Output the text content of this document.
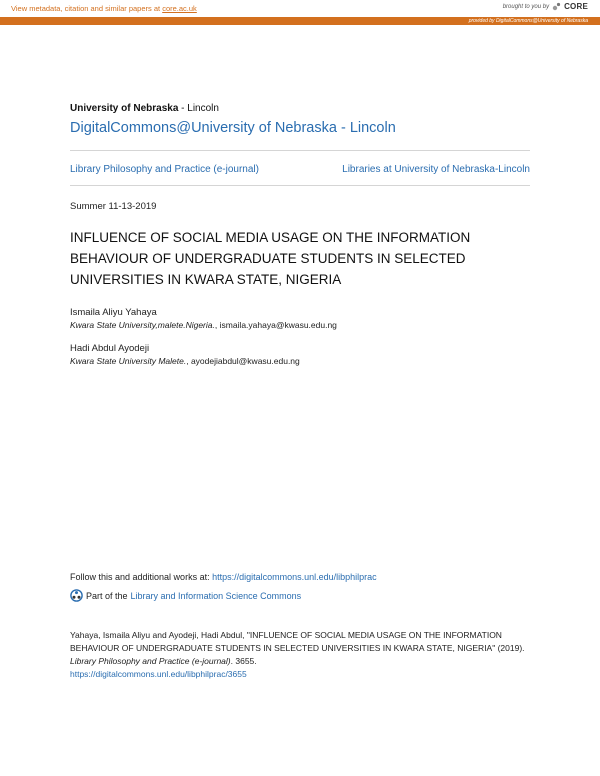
View metadata, citation and similar papers at core.ac.uk	brought to you by CORE
provided by DigitalCommons@University of Nebraska
University of Nebraska - Lincoln
DigitalCommons@University of Nebraska - Lincoln
Library Philosophy and Practice (e-journal)	Libraries at University of Nebraska-Lincoln
Summer 11-13-2019
INFLUENCE OF SOCIAL MEDIA USAGE ON THE INFORMATION BEHAVIOUR OF UNDERGRADUATE STUDENTS IN SELECTED UNIVERSITIES IN KWARA STATE, NIGERIA
Ismaila Aliyu Yahaya
Kwara State University,malete.Nigeria., ismaila.yahaya@kwasu.edu.ng
Hadi Abdul Ayodeji
Kwara State University Malete., ayodejiabdul@kwasu.edu.ng
Follow this and additional works at: https://digitalcommons.unl.edu/libphilprac
Part of the Library and Information Science Commons
Yahaya, Ismaila Aliyu and Ayodeji, Hadi Abdul, "INFLUENCE OF SOCIAL MEDIA USAGE ON THE INFORMATION BEHAVIOUR OF UNDERGRADUATE STUDENTS IN SELECTED UNIVERSITIES IN KWARA STATE, NIGERIA" (2019). Library Philosophy and Practice (e-journal). 3655.
https://digitalcommons.unl.edu/libphilprac/3655
